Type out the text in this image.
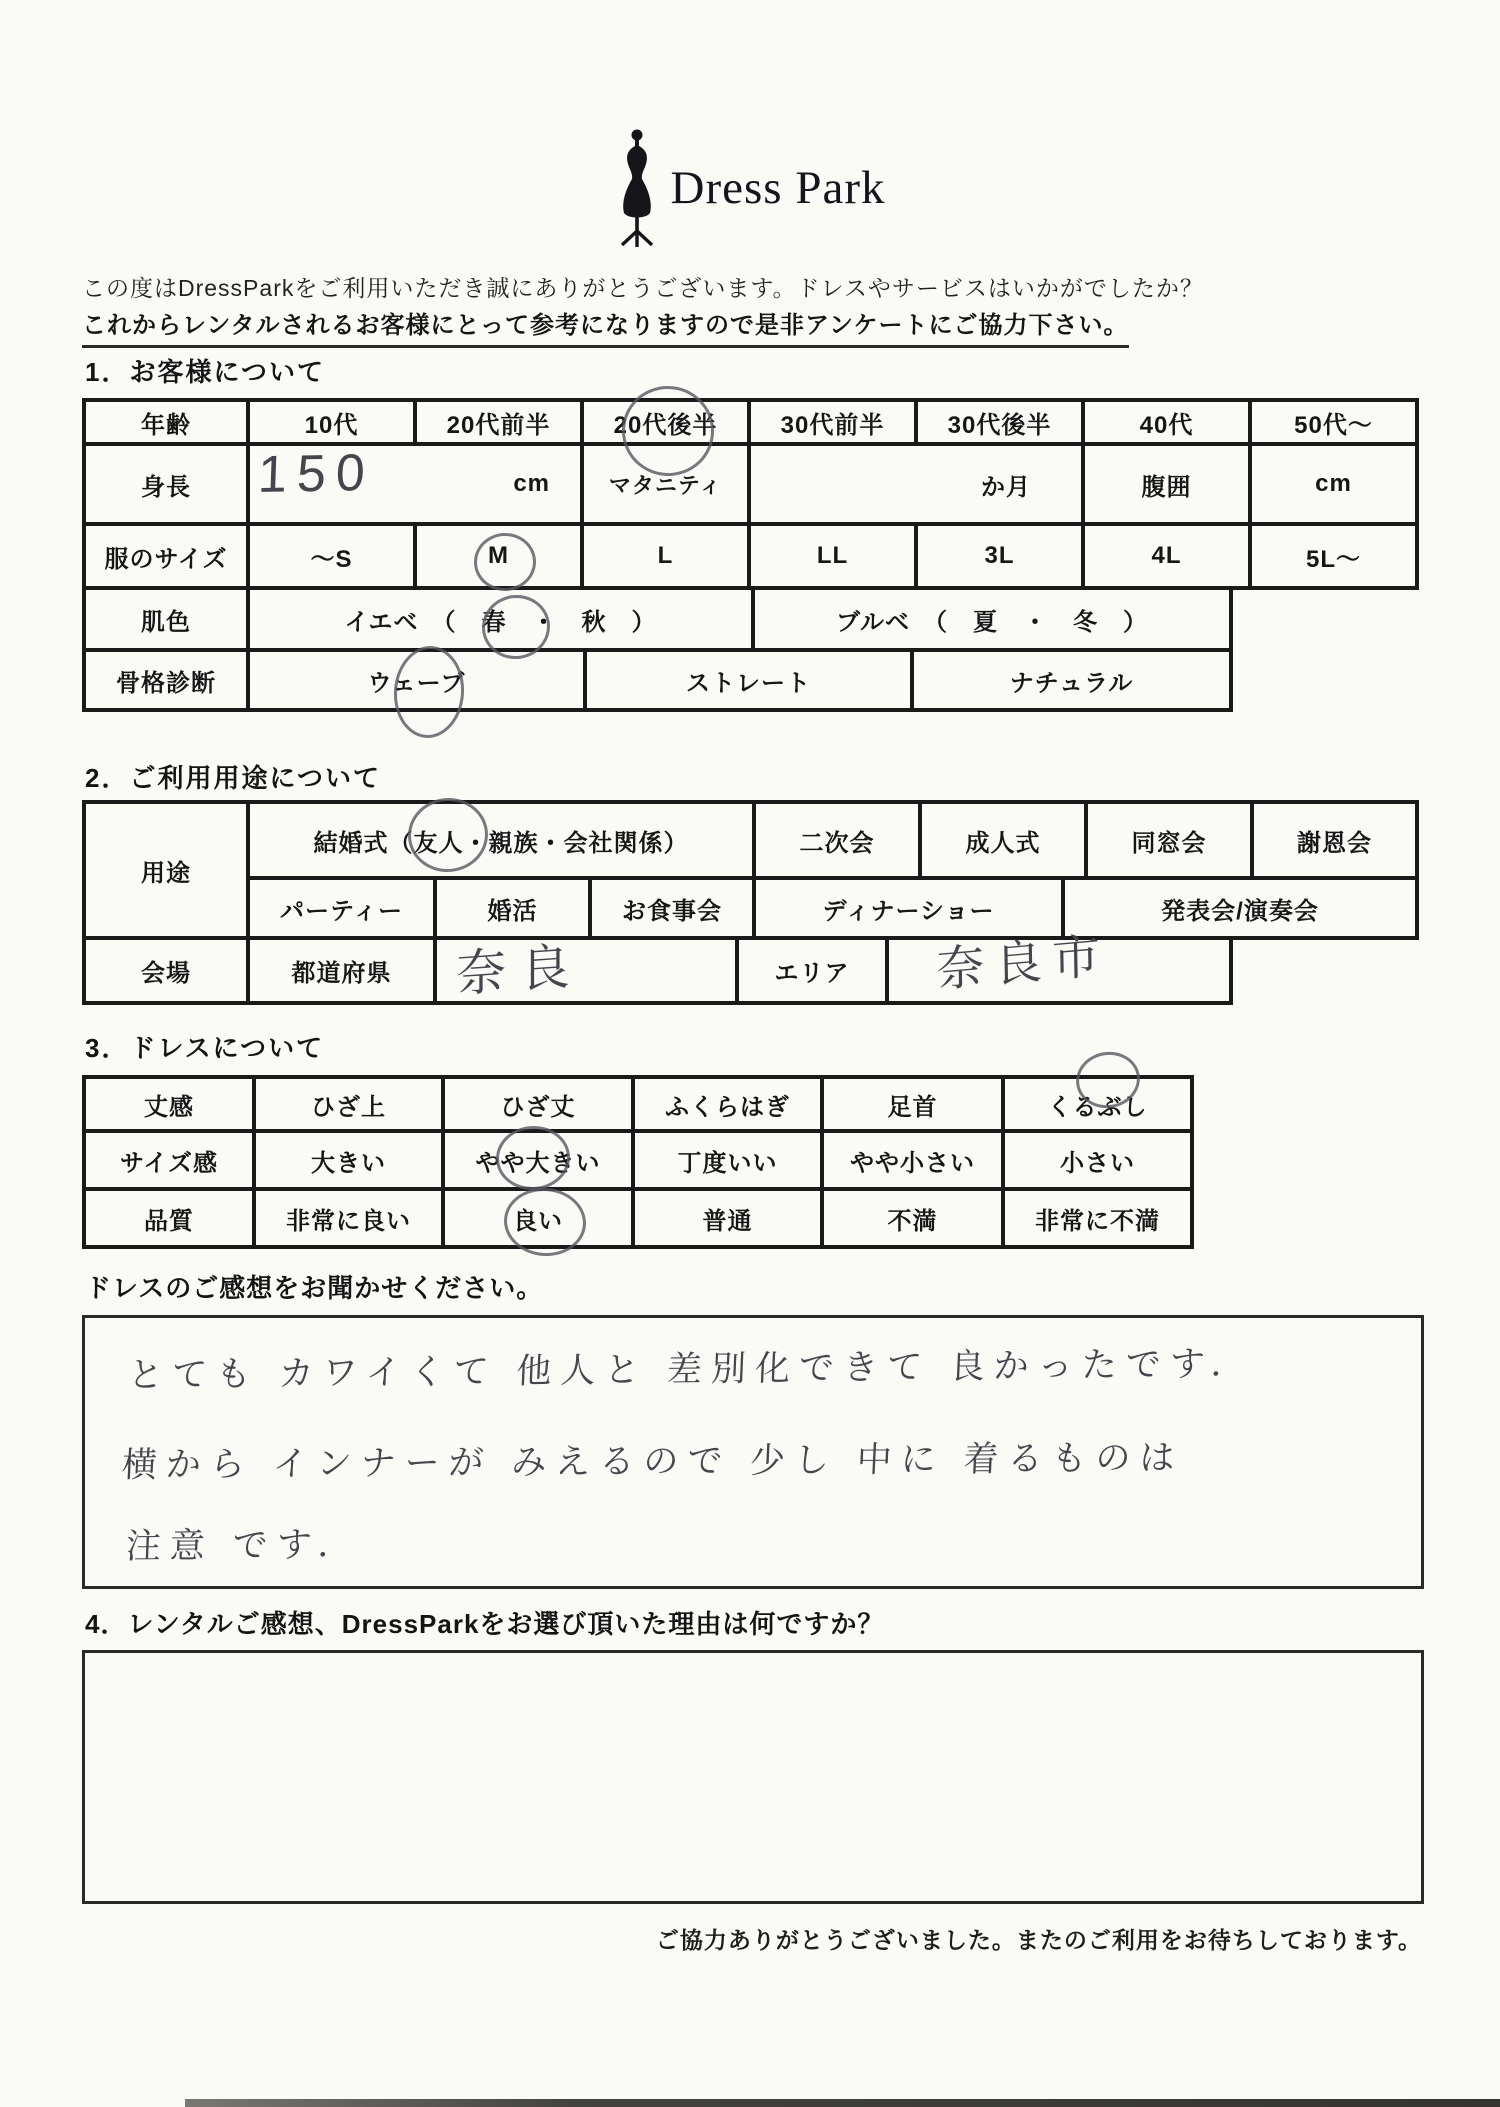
Dress Park
この度はDressParkをご利用いただき誠にありがとうございます。ドレスやサービスはいかがでしたか？
これからレンタルされるお客様にとって参考になりますので是非アンケートにご協力下さい。
1．お客様について
年齢	10代	20代前半	20代後半	30代前半	30代後半	40代	50代～
身長	cm	マタニティ	か月	腹囲	cm
服のサイズ	～S	M	L	LL	3L	4L	5L～
肌色	イエベ　（　春　・　秋　）	ブルベ　（　夏　・　冬　）
骨格診断	ウェーブ	ストレート	ナチュラル
2．ご利用用途について
用途
結婚式（友人・親族・会社関係）	二次会	成人式	同窓会	謝恩会
パーティー	婚活	お食事会	ディナーショー	発表会/演奏会
会場	都道府県	エリア
3．ドレスについて
丈感	ひざ上	ひざ丈	ふくらはぎ	足首	くるぶし
サイズ感	大きい	やや大きい	丁度いい	やや小さい	小さい
品質	非常に良い	良い	普通	不満	非常に不満
ドレスのご感想をお聞かせください。
4．レンタルご感想、DressParkをお選び頂いた理由は何ですか？
ご協力ありがとうございました。またのご利用をお待ちしております。
150
奈良	奈良市
とても カワイくて 他人と 差別化できて 良かったです．
横から インナーが みえるので 少し 中に 着るものは
注意 です．
